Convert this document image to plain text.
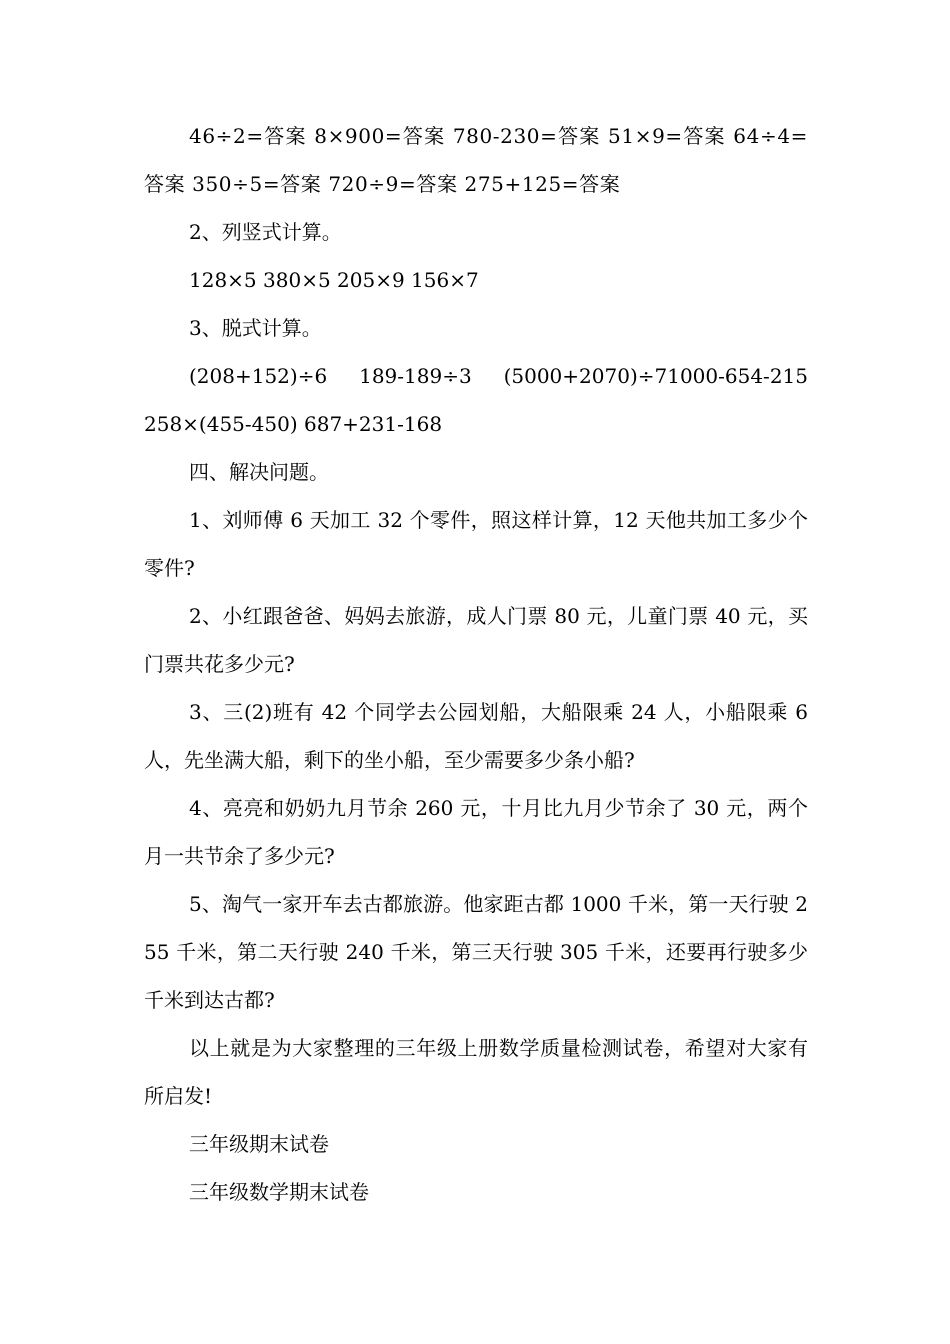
46÷2=答案 8×900=答案 780-230=答案 51×9=答案 64÷4=答案 350÷5=答案 720÷9=答案 275+125=答案

2、列竖式计算。

128×5 380×5 205×9 156×7

3、脱式计算。

(208+152)÷6   189-189÷3   (5000+2070)÷71000-654-215   258×(455-450) 687+231-168

四、解决问题。

1、刘师傅 6 天加工 32 个零件，照这样计算，12 天他共加工多少个零件?

2、小红跟爸爸、妈妈去旅游，成人门票 80 元，儿童门票 40 元，买门票共花多少元?

3、三(2)班有 42 个同学去公园划船，大船限乘 24 人，小船限乘 6 人，先坐满大船，剩下的坐小船，至少需要多少条小船?

4、亮亮和奶奶九月节余 260 元，十月比九月少节余了 30 元，两个月一共节余了多少元?

5、淘气一家开车去古都旅游。他家距古都 1000 千米，第一天行驶 255 千米，第二天行驶 240 千米，第三天行驶 305 千米，还要再行驶多少千米到达古都?

以上就是为大家整理的三年级上册数学质量检测试卷，希望对大家有所启发!

三年级期末试卷

三年级数学期末试卷
